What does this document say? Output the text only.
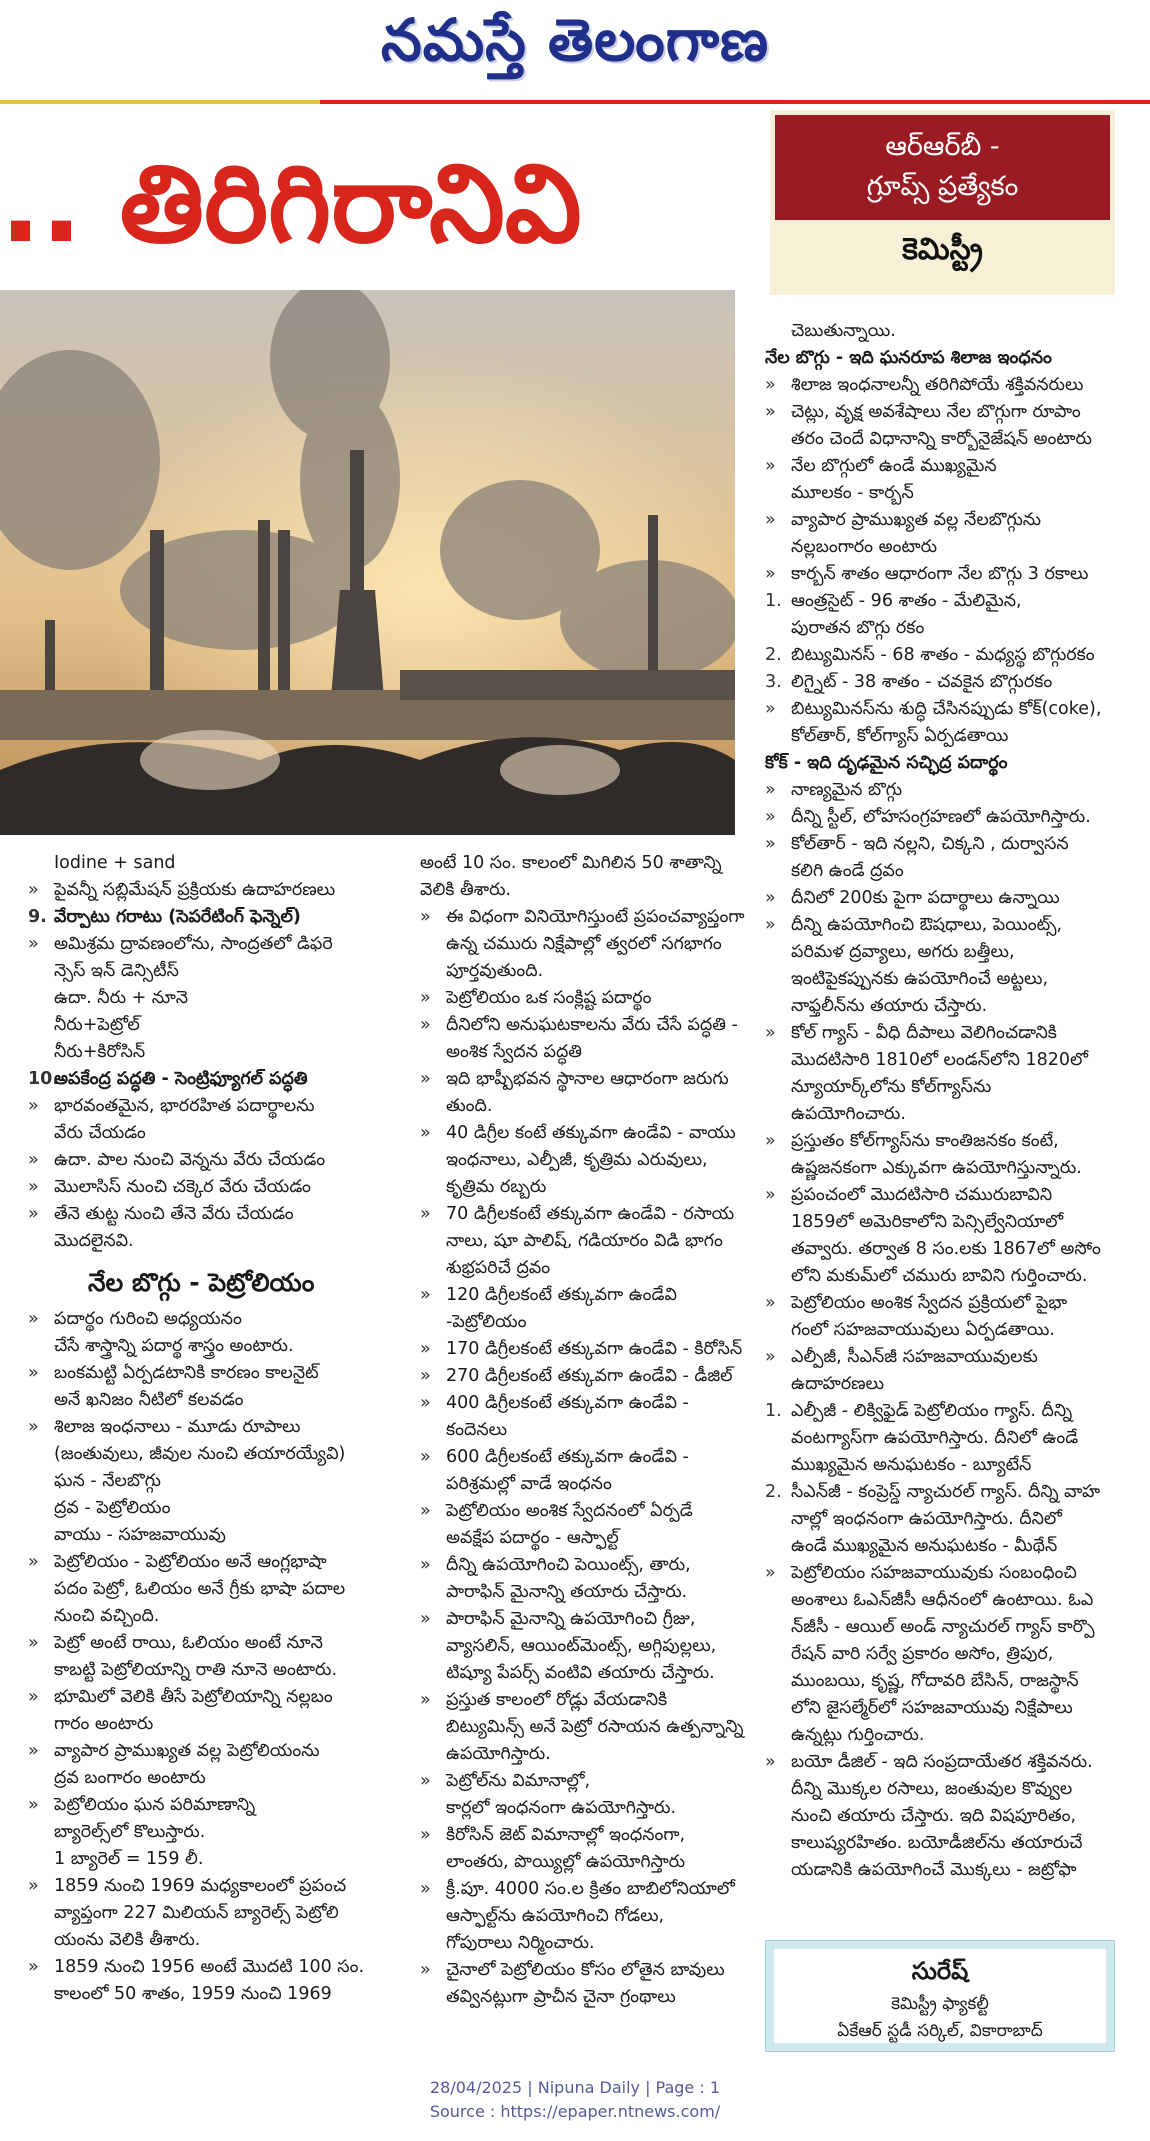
నమస్తే తెలంగాణ
.. తిరిగిరానివి	ఆర్‌ఆర్‌బీ -
గ్రూప్స్ ప్రత్యేకం
కెమిస్ట్రీ
Iodine + sand
» పైవన్నీ సబ్లిమేషన్ ప్రక్రియకు ఉదాహరణలు
9. వేర్పాటు గరాటు (సెపరేటింగ్ ఫెన్నెల్)
» అమిశ్రమ ద్రావణంలోను, సాంద్రతలో డిఫరె
న్సెస్ ఇన్ డెన్సిటీస్
ఉదా. నీరు + నూనె
నీరు+పెట్రోల్
నీరు+కిరోసిన్
10.అపకేంద్ర పద్ధతి - సెంట్రిఫ్యూగల్ పద్ధతి
» భారవంతమైన, భారరహిత పదార్థాలను
వేరు చేయడం
» ఉదా. పాల నుంచి వెన్నను వేరు చేయడం
» మొలాసిస్ నుంచి చక్కెర వేరు చేయడం
» తేనె తుట్ట నుంచి తేనె వేరు చేయడం
మొదలైనవి.
నేల బొగ్గు - పెట్రోలియం
» పదార్థం గురించి అధ్యయనం
చేసే శాస్త్రాన్ని పదార్థ శాస్త్రం అంటారు.
» బంకమట్టి ఏర్పడటానికి కారణం కాలనైట్
అనే ఖనిజం నీటిలో కలవడం
» శిలాజ ఇంధనాలు - మూడు రూపాలు
(జంతువులు, జీవుల నుంచి తయారయ్యేవి)
ఘన - నేలబొగ్గు
ద్రవ - పెట్రోలియం
వాయు - సహజవాయువు
» పెట్రోలియం - పెట్రోలియం అనే ఆంగ్లభాషా
పదం పెట్రో, ఓలియం అనే గ్రీకు భాషా పదాల
నుంచి వచ్చింది.
» పెట్రో అంటే రాయి, ఓలియం అంటే నూనె
కాబట్టి పెట్రోలియాన్ని రాతి నూనె అంటారు.
» భూమిలో వెలికి తీసే పెట్రోలియాన్ని నల్లబం
గారం అంటారు
» వ్యాపార ప్రాముఖ్యత వల్ల పెట్రోలియంను
ద్రవ బంగారం అంటారు
» పెట్రోలియం ఘన పరిమాణాన్ని
బ్యారెల్స్‌లో కొలుస్తారు.
1 బ్యారెల్ = 159 లీ.
» 1859 నుంచి 1969 మధ్యకాలంలో ప్రపంచ
వ్యాప్తంగా 227 మిలియన్ బ్యారెల్స్ పెట్రోలి
యంను వెలికి తీశారు.
» 1859 నుంచి 1956 అంటే మొదటి 100 సం.
కాలంలో 50 శాతం, 1959 నుంచి 1969
అంటే 10 సం. కాలంలో మిగిలిన 50 శాతాన్ని
వెలికి తీశారు.
» ఈ విధంగా వినియోగిస్తుంటే ప్రపంచవ్యాప్తంగా
ఉన్న చమురు నిక్షేపాల్లో త్వరలో సగభాగం
పూర్తవుతుంది.
» పెట్రోలియం ఒక సంక్లిష్ట పదార్థం
» దీనిలోని అనుఘటకాలను వేరు చేసే పద్ధతి -
అంశిక స్వేదన పద్ధతి
» ఇది భాష్పీభవన స్థానాల ఆధారంగా జరుగు
తుంది.
» 40 డిగ్రీల కంటే తక్కువగా ఉండేవి - వాయు
ఇంధనాలు, ఎల్పీజీ, కృత్రిమ ఎరువులు,
కృత్రిమ రబ్బరు
» 70 డిగ్రీలకంటే తక్కువగా ఉండేవి - రసాయ
నాలు, షూ పాలిష్, గడియారం విడి భాగం
శుభ్రపరిచే ద్రవం
» 120 డిగ్రీలకంటే తక్కువగా ఉండేవి
-పెట్రోలియం
» 170 డిగ్రీలకంటే తక్కువగా ఉండేవి - కిరోసిన్
» 270 డిగ్రీలకంటే తక్కువగా ఉండేవి - డీజిల్
» 400 డిగ్రీలకంటే తక్కువగా ఉండేవి -
కందెనలు
» 600 డిగ్రీలకంటే తక్కువగా ఉండేవి -
పరిశ్రమల్లో వాడే ఇంధనం
» పెట్రోలియం అంశిక స్వేదనంలో ఏర్పడే
అవక్షేప పదార్థం - ఆస్ఫాల్ట్
» దీన్ని ఉపయోగించి పెయింట్స్, తారు,
పారాఫిన్ మైనాన్ని తయారు చేస్తారు.
» పారాఫిన్ మైనాన్ని ఉపయోగించి గ్రీజు,
వ్యాసలిన్, ఆయింట్‌మెంట్స్, అగ్గిపుల్లలు,
టిష్యూ పేపర్స్ వంటివి తయారు చేస్తారు.
» ప్రస్తుత కాలంలో రోడ్లు వేయడానికి
బిట్యుమిన్స్ అనే పెట్రో రసాయన ఉత్పన్నాన్ని
ఉపయోగిస్తారు.
» పెట్రోల్‌ను విమానాల్లో,
కార్లలో ఇంధనంగా ఉపయోగిస్తారు.
» కిరోసిన్ జెట్ విమానాల్లో ఇంధనంగా,
లాంతరు, పొయ్యిల్లో ఉపయోగిస్తారు
» క్రీ.పూ. 4000 సం.ల క్రితం బాబిలోనియాలో
ఆస్ఫాల్ట్‌ను ఉపయోగించి గోడలు,
గోపురాలు నిర్మించారు.
» చైనాలో పెట్రోలియం కోసం లోతైన బావులు
తవ్వినట్లుగా ప్రాచీన చైనా గ్రంథాలు
చెబుతున్నాయి.
నేల బొగ్గు - ఇది ఘనరూప శిలాజ ఇంధనం
» శిలాజ ఇంధనాలన్నీ తరిగిపోయే శక్తివనరులు
» చెట్లు, వృక్ష అవశేషాలు నేల బొగ్గుగా రూపాం
తరం చెందే విధానాన్ని కార్బోనైజేషన్ అంటారు
» నేల బొగ్గులో ఉండే ముఖ్యమైన
మూలకం - కార్బన్
» వ్యాపార ప్రాముఖ్యత వల్ల నేలబొగ్గును
నల్లబంగారం అంటారు
» కార్బన్ శాతం ఆధారంగా నేల బొగ్గు 3 రకాలు
1. ఆంత్రసైట్ - 96 శాతం - మేలిమైన,
పురాతన బొగ్గు రకం
2. బిట్యుమినస్ - 68 శాతం - మధ్యస్థ బొగ్గురకం
3. లిగ్నైట్ - 38 శాతం - చవకైన బొగ్గురకం
» బిట్యుమినస్‌ను శుద్ధి చేసినప్పుడు కోక్(coke),
కోల్‌తార్, కోల్‌గ్యాస్ ఏర్పడతాయి
కోక్ - ఇది దృఢమైన సచ్ఛిద్ర పదార్థం
» నాణ్యమైన బొగ్గు
» దీన్ని స్టీల్, లోహసంగ్రహణలో ఉపయోగిస్తారు.
» కోల్‌తార్ - ఇది నల్లని, చిక్కని , దుర్వాసన
కలిగి ఉండే ద్రవం
» దీనిలో 200కు పైగా పదార్థాలు ఉన్నాయి
» దీన్ని ఉపయోగించి ఔషధాలు, పెయింట్స్,
పరిమళ ద్రవ్యాలు, అగరు బత్తీలు,
ఇంటిపైకప్పునకు ఉపయోగించే అట్టలు,
నాఫ్తలీన్‌ను తయారు చేస్తారు.
» కోల్ గ్యాస్ - వీధి దీపాలు వెలిగించడానికి
మొదటిసారి 1810లో లండన్‌లోని 1820లో
న్యూయార్క్‌లోను కోల్‌గ్యాస్‌ను
ఉపయోగించారు.
» ప్రస్తుతం కోల్‌గ్యాస్‌ను కాంతిజనకం కంటే,
ఉష్ణజనకంగా ఎక్కువగా ఉపయోగిస్తున్నారు.
» ప్రపంచంలో మొదటిసారి చమురుబావిని
1859లో అమెరికాలోని పెన్సిల్వేనియాలో
తవ్వారు. తర్వాత 8 సం.లకు 1867లో అసోం
లోని మకుమ్‌లో చమురు బావిని గుర్తించారు.
» పెట్రోలియం అంశిక స్వేదన ప్రక్రియలో పైభా
గంలో సహజవాయువులు ఏర్పడతాయి.
» ఎల్పీజీ, సీఎన్‌జీ సహజవాయువులకు
ఉదాహరణలు
1. ఎల్పీజీ - లిక్విఫైడ్ పెట్రోలియం గ్యాస్. దీన్ని
వంటగ్యాస్‌గా ఉపయోగిస్తారు. దీనిలో ఉండే
ముఖ్యమైన అనుఘటకం - బ్యూటేన్
2. సీఎన్‌జీ - కంప్రెస్డ్ న్యాచురల్ గ్యాస్. దీన్ని వాహ
నాల్లో ఇంధనంగా ఉపయోగిస్తారు. దీనిలో
ఉండే ముఖ్యమైన అనుఘటకం - మీథేన్
» పెట్రోలియం సహజవాయువుకు సంబంధించి
అంశాలు ఓఎన్‌జీసీ ఆధీనంలో ఉంటాయి. ఓఎ
న్‌జీసీ - ఆయిల్ అండ్ న్యాచురల్ గ్యాస్ కార్పొ
రేషన్ వారి సర్వే ప్రకారం అసోం, త్రిపుర,
ముంబయి, కృష్ణ, గోదావరి బేసిన్, రాజస్థాన్
లోని జైసల్మేర్‌లో సహజవాయువు నిక్షేపాలు
ఉన్నట్లు గుర్తించారు.
» బయో డీజిల్ - ఇది సంప్రదాయేతర శక్తివనరు.
దీన్ని మొక్కల రసాలు, జంతువుల కొవ్వుల
నుంచి తయారు చేస్తారు. ఇది విషపూరితం,
కాలుష్యరహితం. బయోడీజిల్‌ను తయారుచే
యడానికి ఉపయోగించే మొక్కలు - జట్రోఫా
సురేష్
కెమిస్ట్రీ ఫ్యాకల్టీ
ఏకేఆర్ స్టడీ సర్కిల్, వికారాబాద్
28/04/2025 | Nipuna Daily | Page : 1
Source : https://epaper.ntnews.com/
